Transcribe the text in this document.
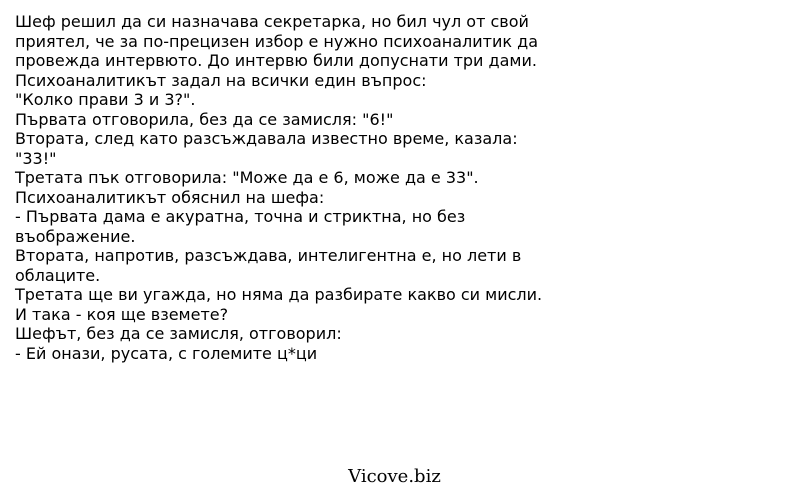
Шеф решил да си назначава секретарка, но бил чул от свой
приятел, че за по-прецизен избор е нужно психоаналитик да
провежда интервюто. До интервю били допуснати три дами.
Психоаналитикът задал на всички един въпрос:
"Колко прави 3 и 3?".
Първата отговорила, без да се замисля: "6!"
Втората, след като разсъждавала известно време, казала:
"33!"
Третата пък отговорила: "Може да е 6, може да е 33".
Психоаналитикът обяснил на шефа:
- Първата дама е акуратна, точна и стриктна, но без
въображение.
Втората, напротив, разсъждава, интелигентна е, но лети в
облаците.
Третата ще ви угажда, но няма да разбирате какво си мисли.
И така - коя ще вземете?
Шефът, без да се замисля, отговорил:
- Ей онази, русата, с големите ц*ци
Vicove.biz
